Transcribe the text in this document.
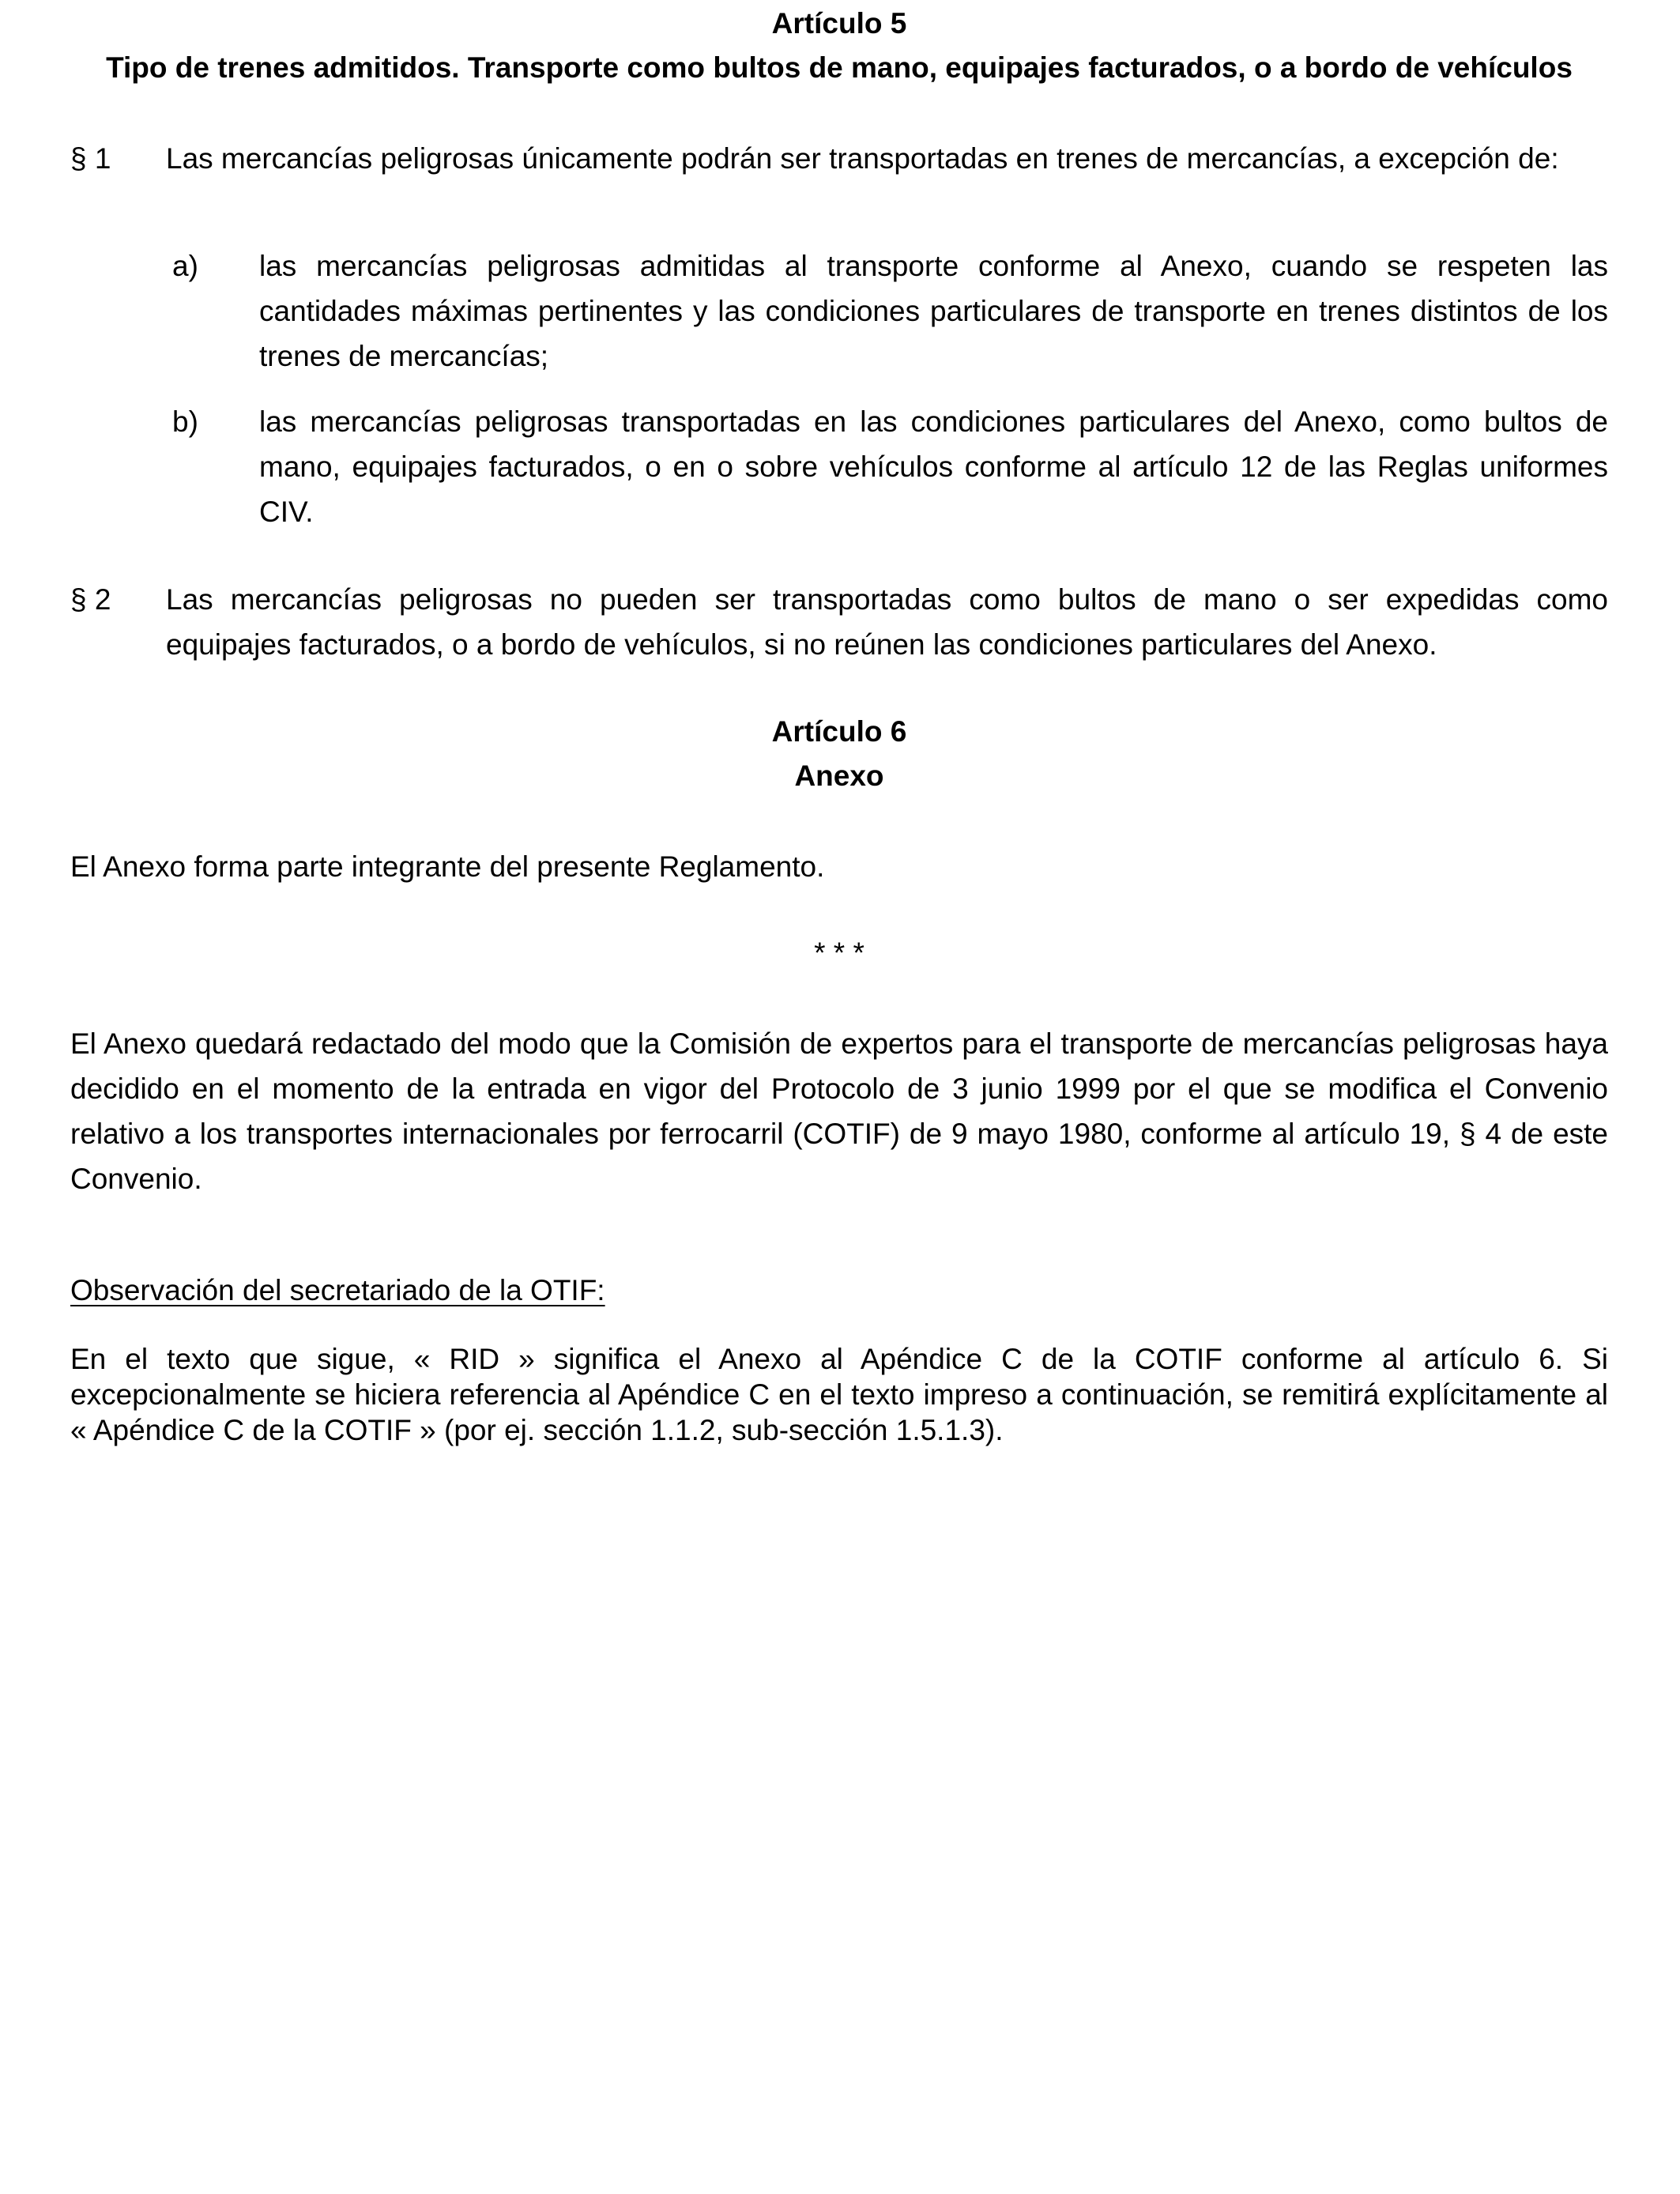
Artículo 5
Tipo de trenes admitidos. Transporte como bultos de mano, equipajes facturados, o a bordo de vehículos
§ 1 Las mercancías peligrosas únicamente podrán ser transportadas en trenes de mercancías, a excepción de:
a) las mercancías peligrosas admitidas al transporte conforme al Anexo, cuando se respeten las cantidades máximas pertinentes y las condiciones particulares de transporte en trenes distintos de los trenes de mercancías;
b) las mercancías peligrosas transportadas en las condiciones particulares del Anexo, como bultos de mano, equipajes facturados, o en o sobre vehículos conforme al artículo 12 de las Reglas uniformes CIV.
§ 2 Las mercancías peligrosas no pueden ser transportadas como bultos de mano o ser expedidas como equipajes facturados, o a bordo de vehículos, si no reúnen las condiciones particulares del Anexo.
Artículo 6
Anexo
El Anexo forma parte integrante del presente Reglamento.
* * *
El Anexo quedará redactado del modo que la Comisión de expertos para el transporte de mercancías peligrosas haya decidido en el momento de la entrada en vigor del Protocolo de 3 junio 1999 por el que se modifica el Convenio relativo a los transportes internacionales por ferrocarril (COTIF) de 9 mayo 1980, conforme al artículo 19, § 4 de este Convenio.
Observación del secretariado de la OTIF:
En el texto que sigue, « RID » significa el Anexo al Apéndice C de la COTIF conforme al artículo 6. Si excepcionalmente se hiciera referencia al Apéndice C en el texto impreso a continuación, se remitirá explícitamente al « Apéndice C de la COTIF » (por ej. sección 1.1.2, sub-sección 1.5.1.3).
